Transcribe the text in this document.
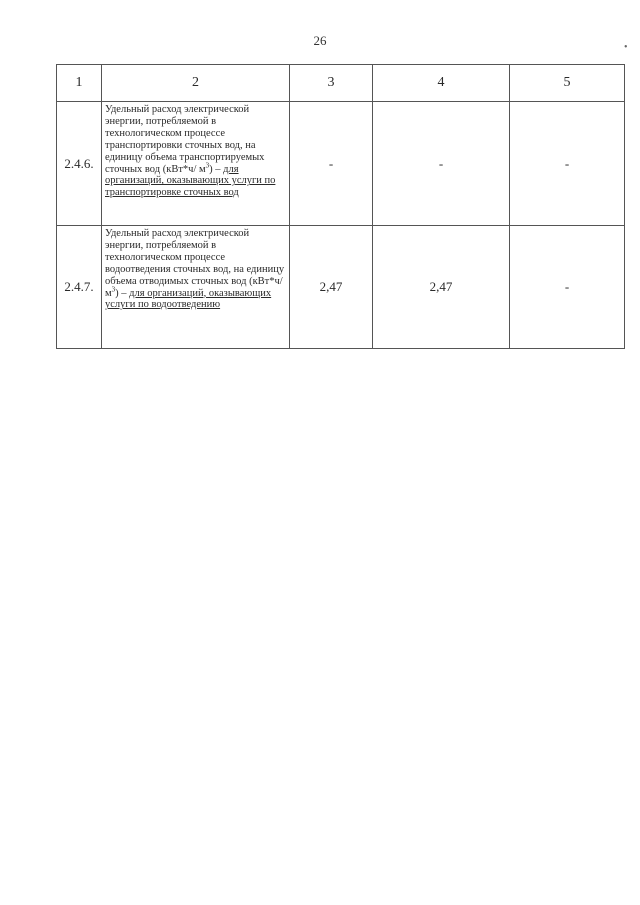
26	•
1	2	3	4	5
2.4.6.	Удельный расход электрической энергии, потребляемой в технологическом процессе транспортировки сточных вод, на единицу объема транспортируемых сточных вод (кВт*ч/ $м^3$) – для организаций, оказывающих услуги по транспортировке сточных вод	-	-	-
2.4.7.	Удельный расход электрической энергии, потребляемой в технологическом процессе водоотведения сточных вод, на единицу объема отводимых сточных вод (кВт*ч/ $м^3$) – для организаций, оказывающих услуги по водоотведению	2,47	2,47	-
